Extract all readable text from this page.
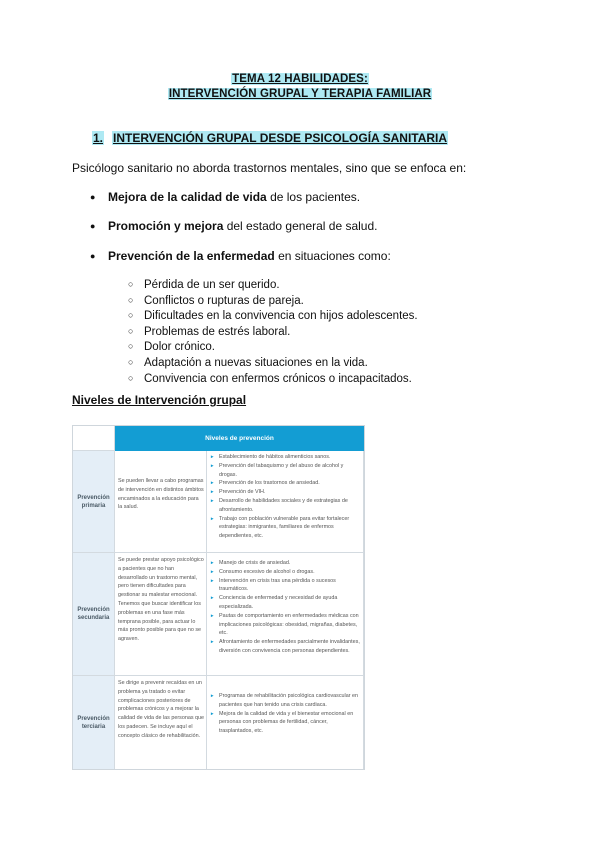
TEMA 12 HABILIDADES:
INTERVENCIÓN GRUPAL Y TERAPIA FAMILIAR
1. INTERVENCIÓN GRUPAL DESDE PSICOLOGÍA SANITARIA
Psicólogo sanitario no aborda trastornos mentales, sino que se enfoca en:
● Mejora de la calidad de vida de los pacientes.
● Promoción y mejora del estado general de salud.
● Prevención de la enfermedad en situaciones como:
○ Pérdida de un ser querido.
○ Conflictos o rupturas de pareja.
○ Dificultades en la convivencia con hijos adolescentes.
○ Problemas de estrés laboral.
○ Dolor crónico.
○ Adaptación a nuevas situaciones en la vida.
○ Convivencia con enfermos crónicos o incapacitados.
Niveles de Intervención grupal
Niveles de prevención
Prevención primaria
Se pueden llevar a cabo programas de intervención en distintos ámbitos encaminados a la educación para la salud.
► Establecimiento de hábitos alimenticios sanos.
► Prevención del tabaquismo y del abuso de alcohol y drogas.
► Prevención de los trastornos de ansiedad.
► Prevención de VIH.
► Desarrollo de habilidades sociales y de estrategias de afrontamiento.
► Trabajo con población vulnerable para evitar fortalecer estrategias: inmigrantes, familiares de enfermos dependientes, etc.
Prevención secundaria
Se puede prestar apoyo psicológico a pacientes que no han desarrollado un trastorno mental, pero tienen dificultades para gestionar su malestar emocional. Tenemos que buscar identificar los problemas en una fase más temprana posible, para actuar lo más pronto posible para que no se agraven.
► Manejo de crisis de ansiedad.
► Consumo excesivo de alcohol o drogas.
► Intervención en crisis tras una pérdida o sucesos traumáticos.
► Conciencia de enfermedad y necesidad de ayuda especializada.
► Pautas de comportamiento en enfermedades médicas con implicaciones psicológicas: obesidad, migrañas, diabetes, etc.
► Afrontamiento de enfermedades parcialmente invalidantes, diversión con convivencia con personas dependientes.
Prevención terciaria
Se dirige a prevenir recaídas en un problema ya tratado o evitar complicaciones posteriores de problemas crónicos y a mejorar la calidad de vida de las personas que los padecen. Se incluye aquí el concepto clásico de rehabilitación.
► Programas de rehabilitación psicológica cardiovascular en pacientes que han tenido una crisis cardiaca.
► Mejora de la calidad de vida y el bienestar emocional en personas con problemas de fertilidad, cáncer, trasplantados, etc.
